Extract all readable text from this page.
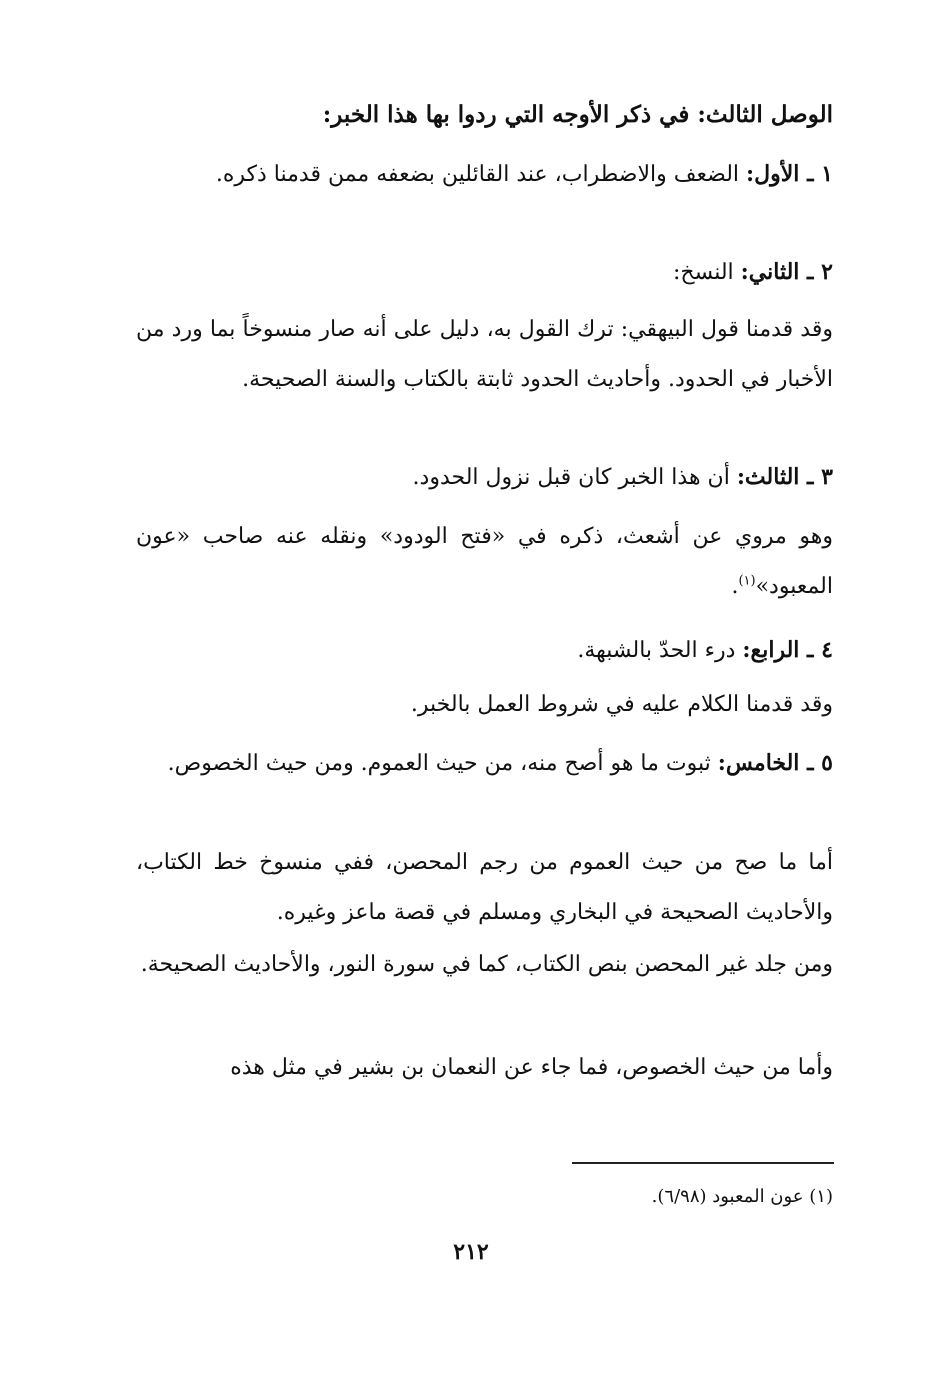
الوصل الثالث: في ذكر الأوجه التي ردوا بها هذا الخبر:
١ ـ الأول: الضعف والاضطراب، عند القائلين بضعفه ممن قدمنا ذكره.
٢ ـ الثاني: النسخ:
وقد قدمنا قول البيهقي: ترك القول به، دليل على أنه صار منسوخاً بما ورد من الأخبار في الحدود. وأحاديث الحدود ثابتة بالكتاب والسنة الصحيحة.
٣ ـ الثالث: أن هذا الخبر كان قبل نزول الحدود.
وهو مروي عن أشعث، ذكره في «فتح الودود» ونقله عنه صاحب «عون المعبود»$^{(١)}$.
٤ ـ الرابع: درء الحدّ بالشبهة.
وقد قدمنا الكلام عليه في شروط العمل بالخبر.
٥ ـ الخامس: ثبوت ما هو أصح منه، من حيث العموم. ومن حيث الخصوص.
أما ما صح من حيث العموم من رجم المحصن، ففي منسوخ خط الكتاب، والأحاديث الصحيحة في البخاري ومسلم في قصة ماعز وغيره.
ومن جلد غير المحصن بنص الكتاب، كما في سورة النور، والأحاديث الصحيحة.
وأما من حيث الخصوص، فما جاء عن النعمان بن بشير في مثل هذه
(١) عون المعبود (٦/٩٨).
٢١٢
